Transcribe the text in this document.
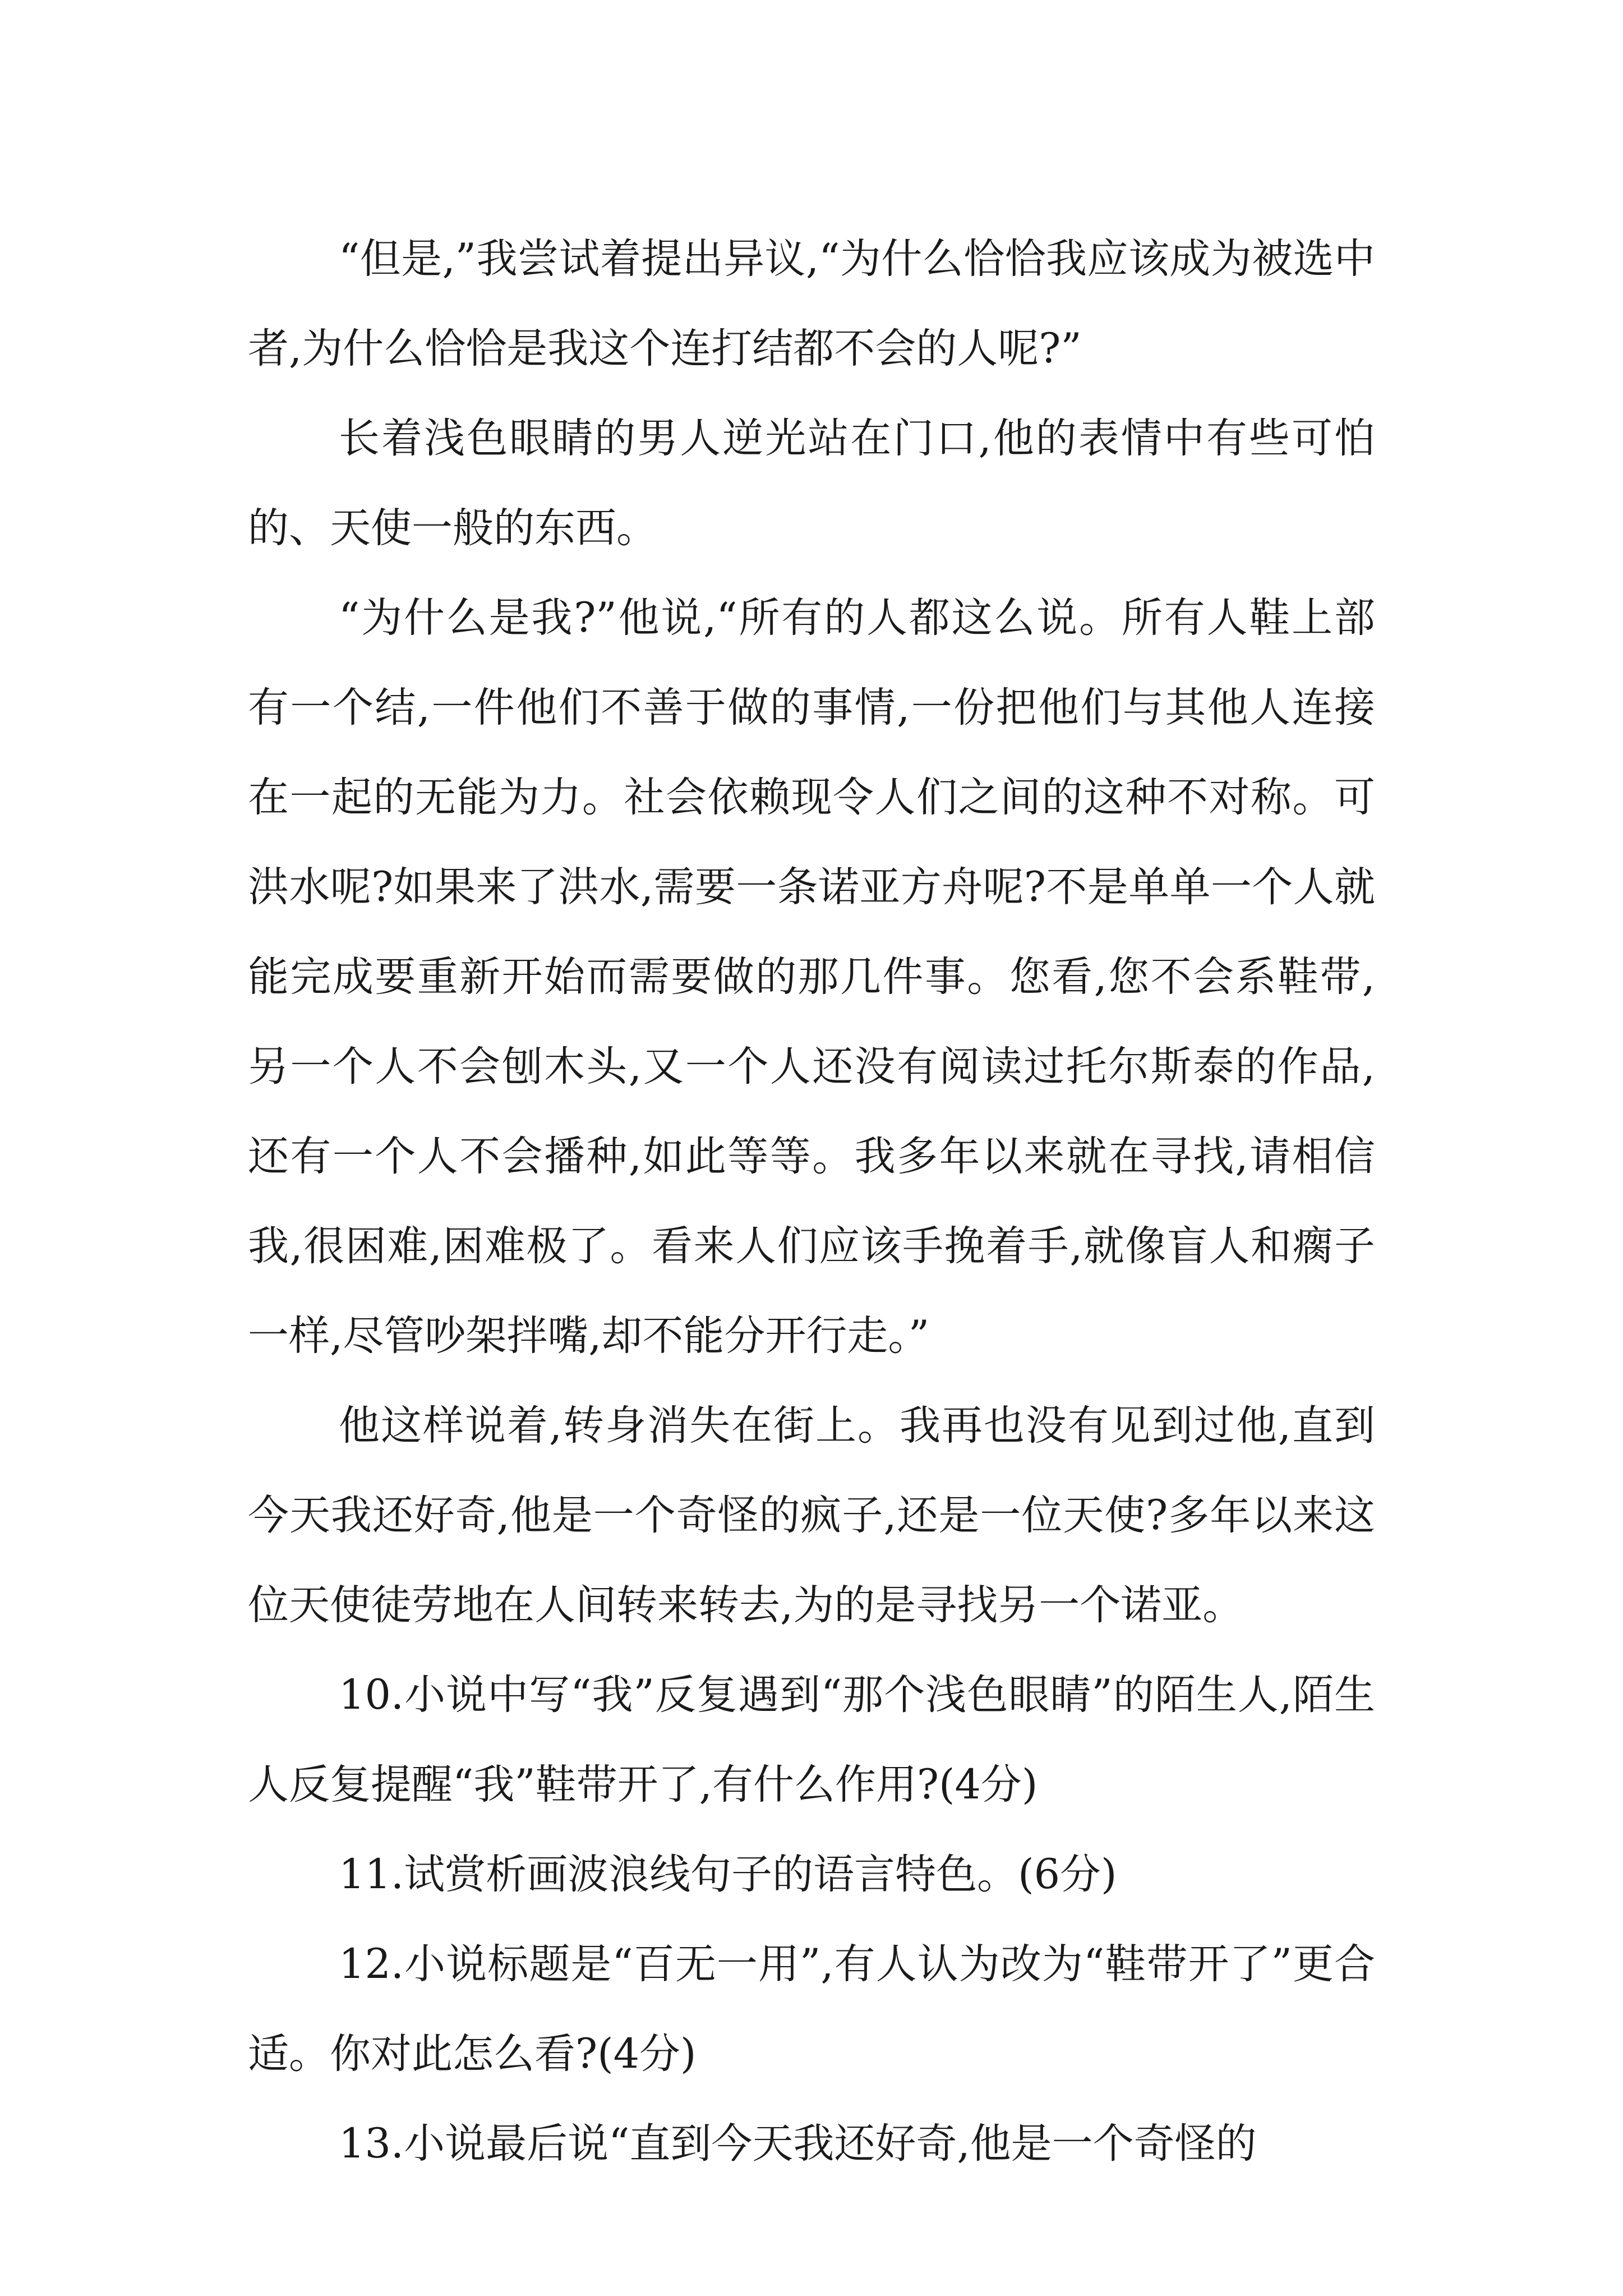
“但是,”我尝试着提出异议,“为什么恰恰我应该成为被选中者,为什么恰恰是我这个连打结都不会的人呢?”

长着浅色眼睛的男人逆光站在门口,他的表情中有些可怕的、天使一般的东西。

“为什么是我?”他说,“所有的人都这么说。所有人鞋上部有一个结,一件他们不善于做的事情,一份把他们与其他人连接在一起的无能为力。社会依赖现令人们之间的这种不对称。可洪水呢?如果来了洪水,需要一条诺亚方舟呢?不是单单一个人就能完成要重新开始而需要做的那几件事。您看,您不会系鞋带,另一个人不会刨木头,又一个人还没有阅读过托尔斯泰的作品,还有一个人不会播种,如此等等。我多年以来就在寻找,请相信我,很困难,困难极了。看来人们应该手挽着手,就像盲人和瘸子一样,尽管吵架拌嘴,却不能分开行走。”

他这样说着,转身消失在街上。我再也没有见到过他,直到今天我还好奇,他是一个奇怪的疯子,还是一位天使?多年以来这位天使徒劳地在人间转来转去,为的是寻找另一个诺亚。

10.小说中写“我”反复遇到“那个浅色眼睛”的陌生人,陌生人反复提醒“我”鞋带开了,有什么作用?(4分)

11.试赏析画波浪线句子的语言特色。(6分)

12.小说标题是“百无一用”,有人认为改为“鞋带开了”更合适。你对此怎么看?(4分)

13.小说最后说“直到今天我还好奇,他是一个奇怪的
